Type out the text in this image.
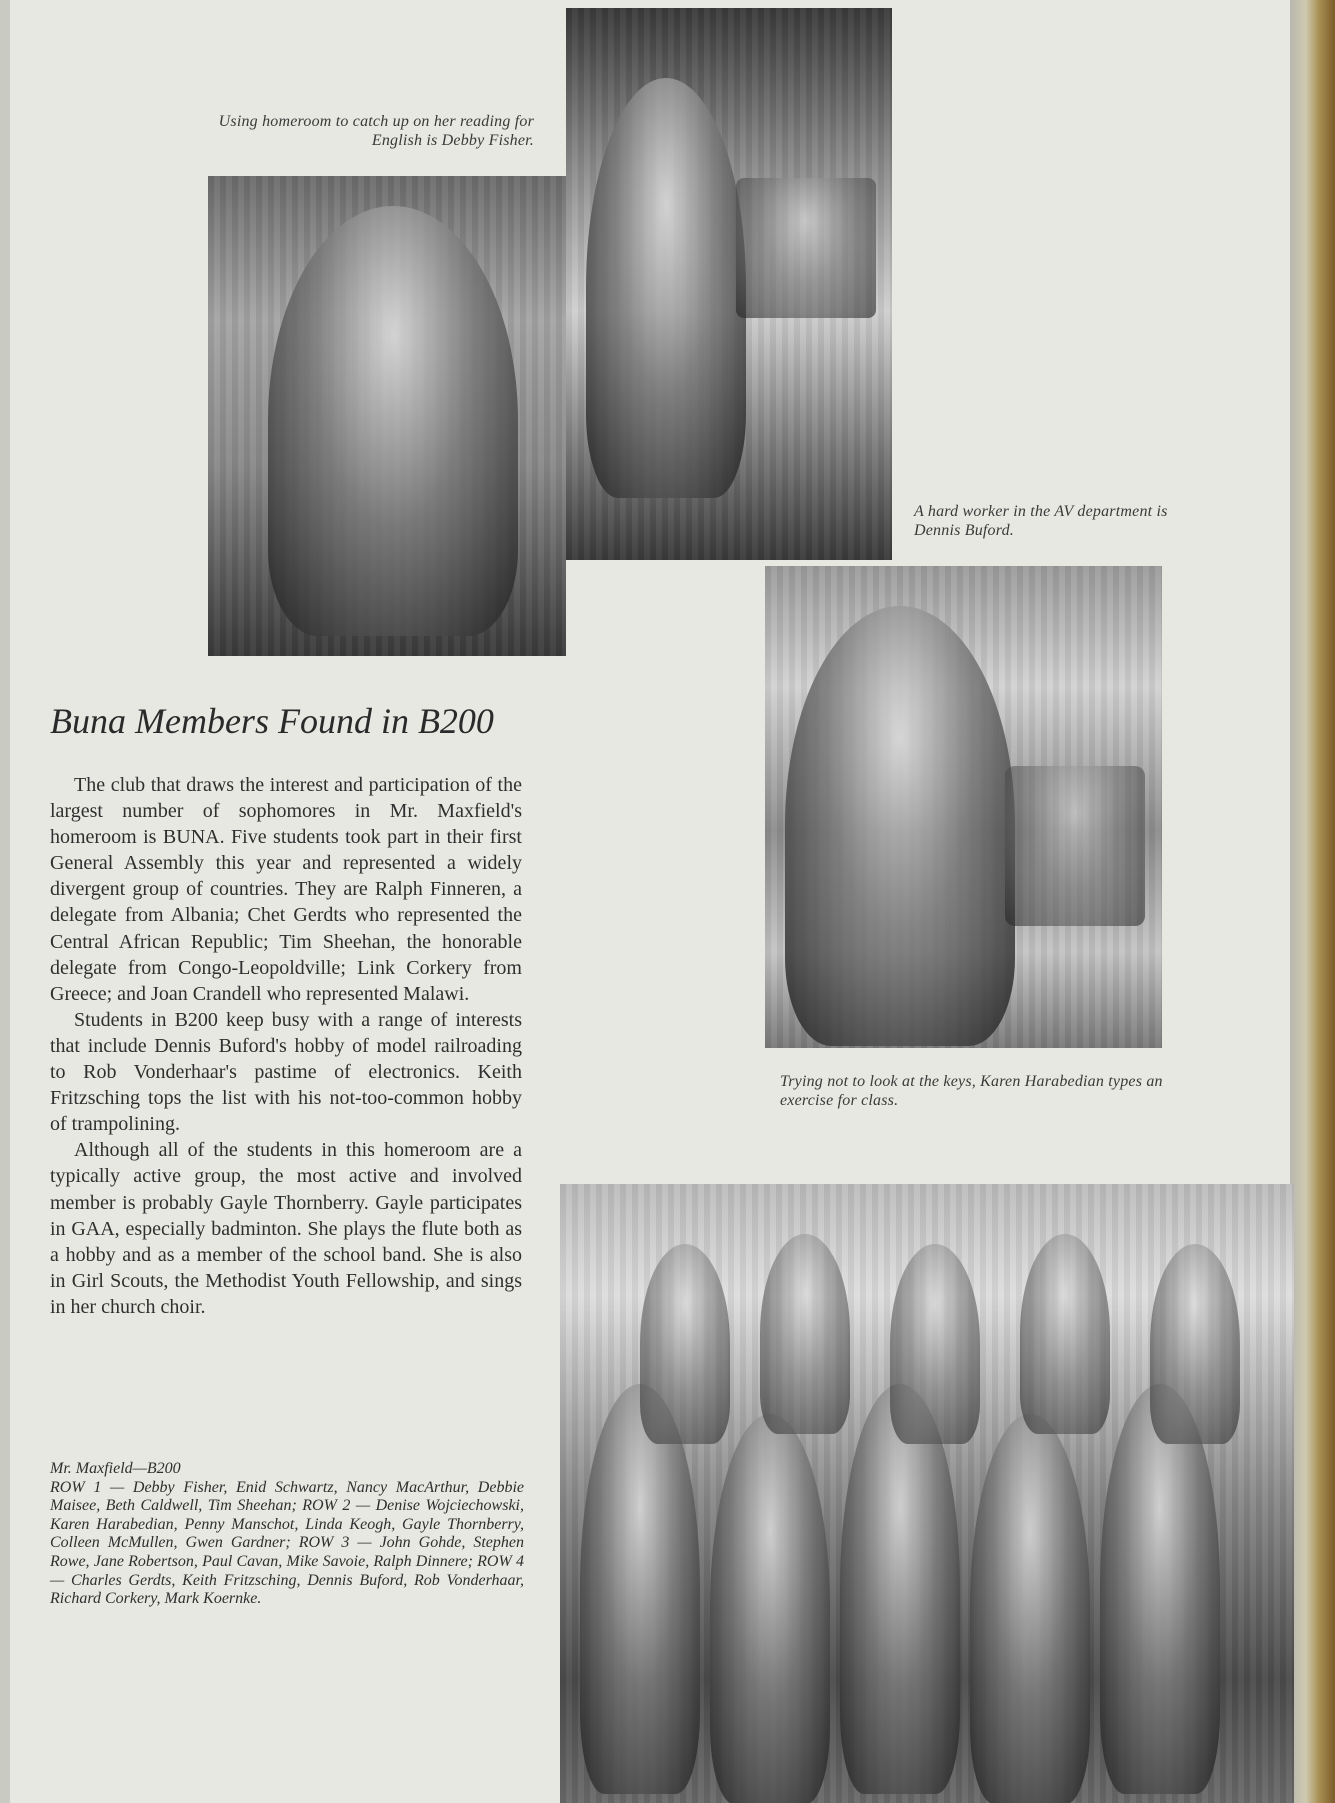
Using homeroom to catch up on her reading for English is Debby Fisher.
A hard worker in the AV department is Dennis Buford.
Trying not to look at the keys, Karen Harabedian types an exercise for class.
Buna Members Found in B200

The club that draws the interest and participation of the largest number of sophomores in Mr. Maxfield's homeroom is BUNA. Five students took part in their first General Assembly this year and represented a widely divergent group of countries. They are Ralph Finneren, a delegate from Albania; Chet Gerdts who represented the Central African Republic; Tim Sheehan, the honorable delegate from Congo-Leopoldville; Link Corkery from Greece; and Joan Crandell who represented Malawi.

Students in B200 keep busy with a range of interests that include Dennis Buford's hobby of model railroading to Rob Vonderhaar's pastime of electronics. Keith Fritzsching tops the list with his not-too-common hobby of trampolining.

Although all of the students in this homeroom are a typically active group, the most active and involved member is probably Gayle Thornberry. Gayle participates in GAA, especially badminton. She plays the flute both as a hobby and as a member of the school band. She is also in Girl Scouts, the Methodist Youth Fellowship, and sings in her church choir.

Mr. Maxfield—B200
ROW 1 — Debby Fisher, Enid Schwartz, Nancy MacArthur, Debbie Maisee, Beth Caldwell, Tim Sheehan; ROW 2 — Denise Wojciechowski, Karen Harabedian, Penny Manschot, Linda Keogh, Gayle Thornberry, Colleen McMullen, Gwen Gardner; ROW 3 — John Gohde, Stephen Rowe, Jane Robertson, Paul Cavan, Mike Savoie, Ralph Dinnere; ROW 4 — Charles Gerdts, Keith Fritzsching, Dennis Buford, Rob Vonderhaar, Richard Corkery, Mark Koernke.
